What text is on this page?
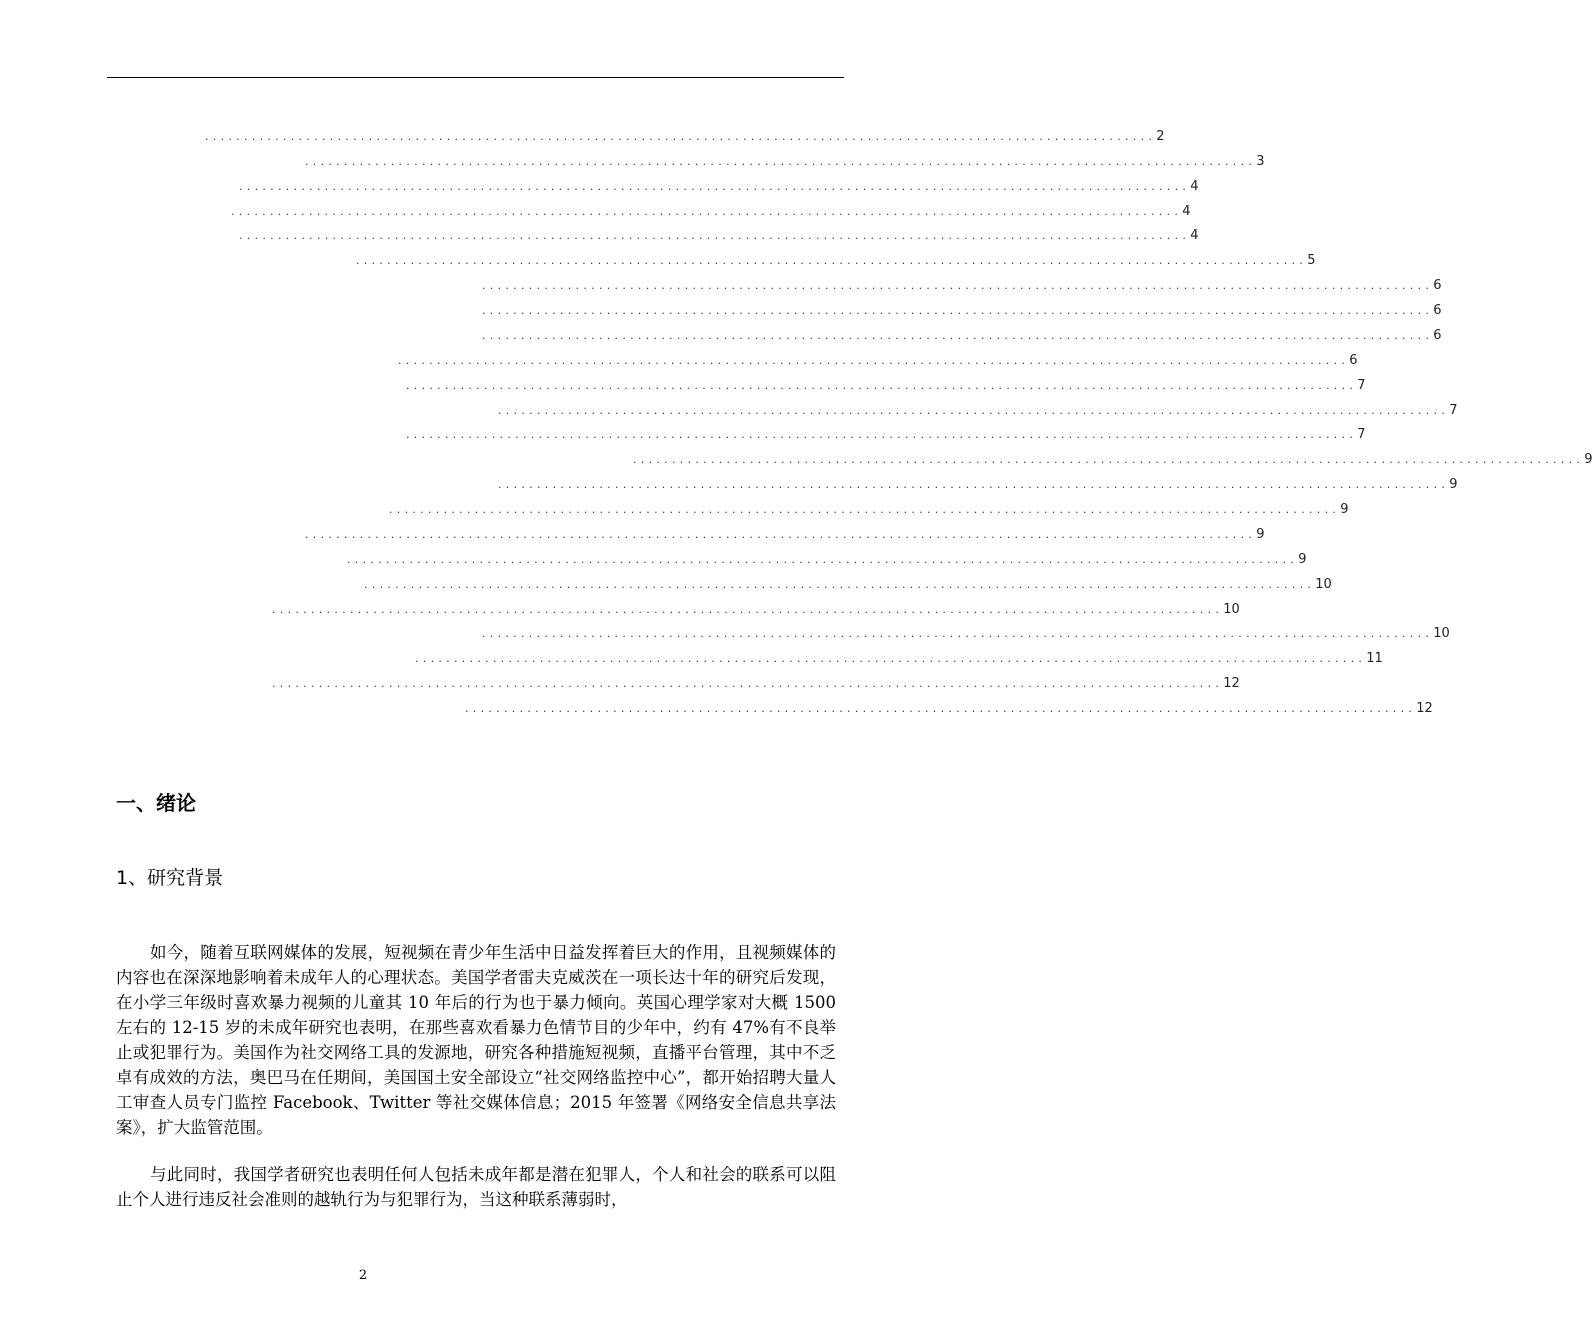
.......................................................................................................................... 2
.......................................................................................................................... 3
.......................................................................................................................... 4
.......................................................................................................................... 4
.......................................................................................................................... 4
.......................................................................................................................... 5
.......................................................................................................................... 6
.......................................................................................................................... 6
.......................................................................................................................... 6
.......................................................................................................................... 6
.......................................................................................................................... 7
.......................................................................................................................... 7
.......................................................................................................................... 7
.......................................................................................................................... 9
.......................................................................................................................... 9
.......................................................................................................................... 9
.......................................................................................................................... 9
.......................................................................................................................... 9
.......................................................................................................................... 10
.......................................................................................................................... 10
.......................................................................................................................... 10
.......................................................................................................................... 11
.......................................................................................................................... 12
.......................................................................................................................... 12
一、绪论
1、研究背景

如今，随着互联网媒体的发展，短视频在青少年生活中日益发挥着巨大的作用，且视频媒体的内容也在深深地影响着未成年人的心理状态。美国学者雷夫克威茨在一项长达十年的研究后发现，在小学三年级时喜欢暴力视频的儿童其 10 年后的行为也于暴力倾向。英国心理学家对大概 1500 左右的 12-15 岁的未成年研究也表明，在那些喜欢看暴力色情节目的少年中，约有 47%有不良举止或犯罪行为。美国作为社交网络工具的发源地，研究各种措施短视频，直播平台管理，其中不乏卓有成效的方法，奥巴马在任期间，美国国土安全部设立“社交网络监控中心”，都开始招聘大量人工审查人员专门监控 Facebook、Twitter 等社交媒体信息；2015 年签署《网络安全信息共享法案》，扩大监管范围。

与此同时，我国学者研究也表明任何人包括未成年都是潜在犯罪人，个人和社会的联系可以阻止个人进行违反社会准则的越轨行为与犯罪行为，当这种联系薄弱时，

2
